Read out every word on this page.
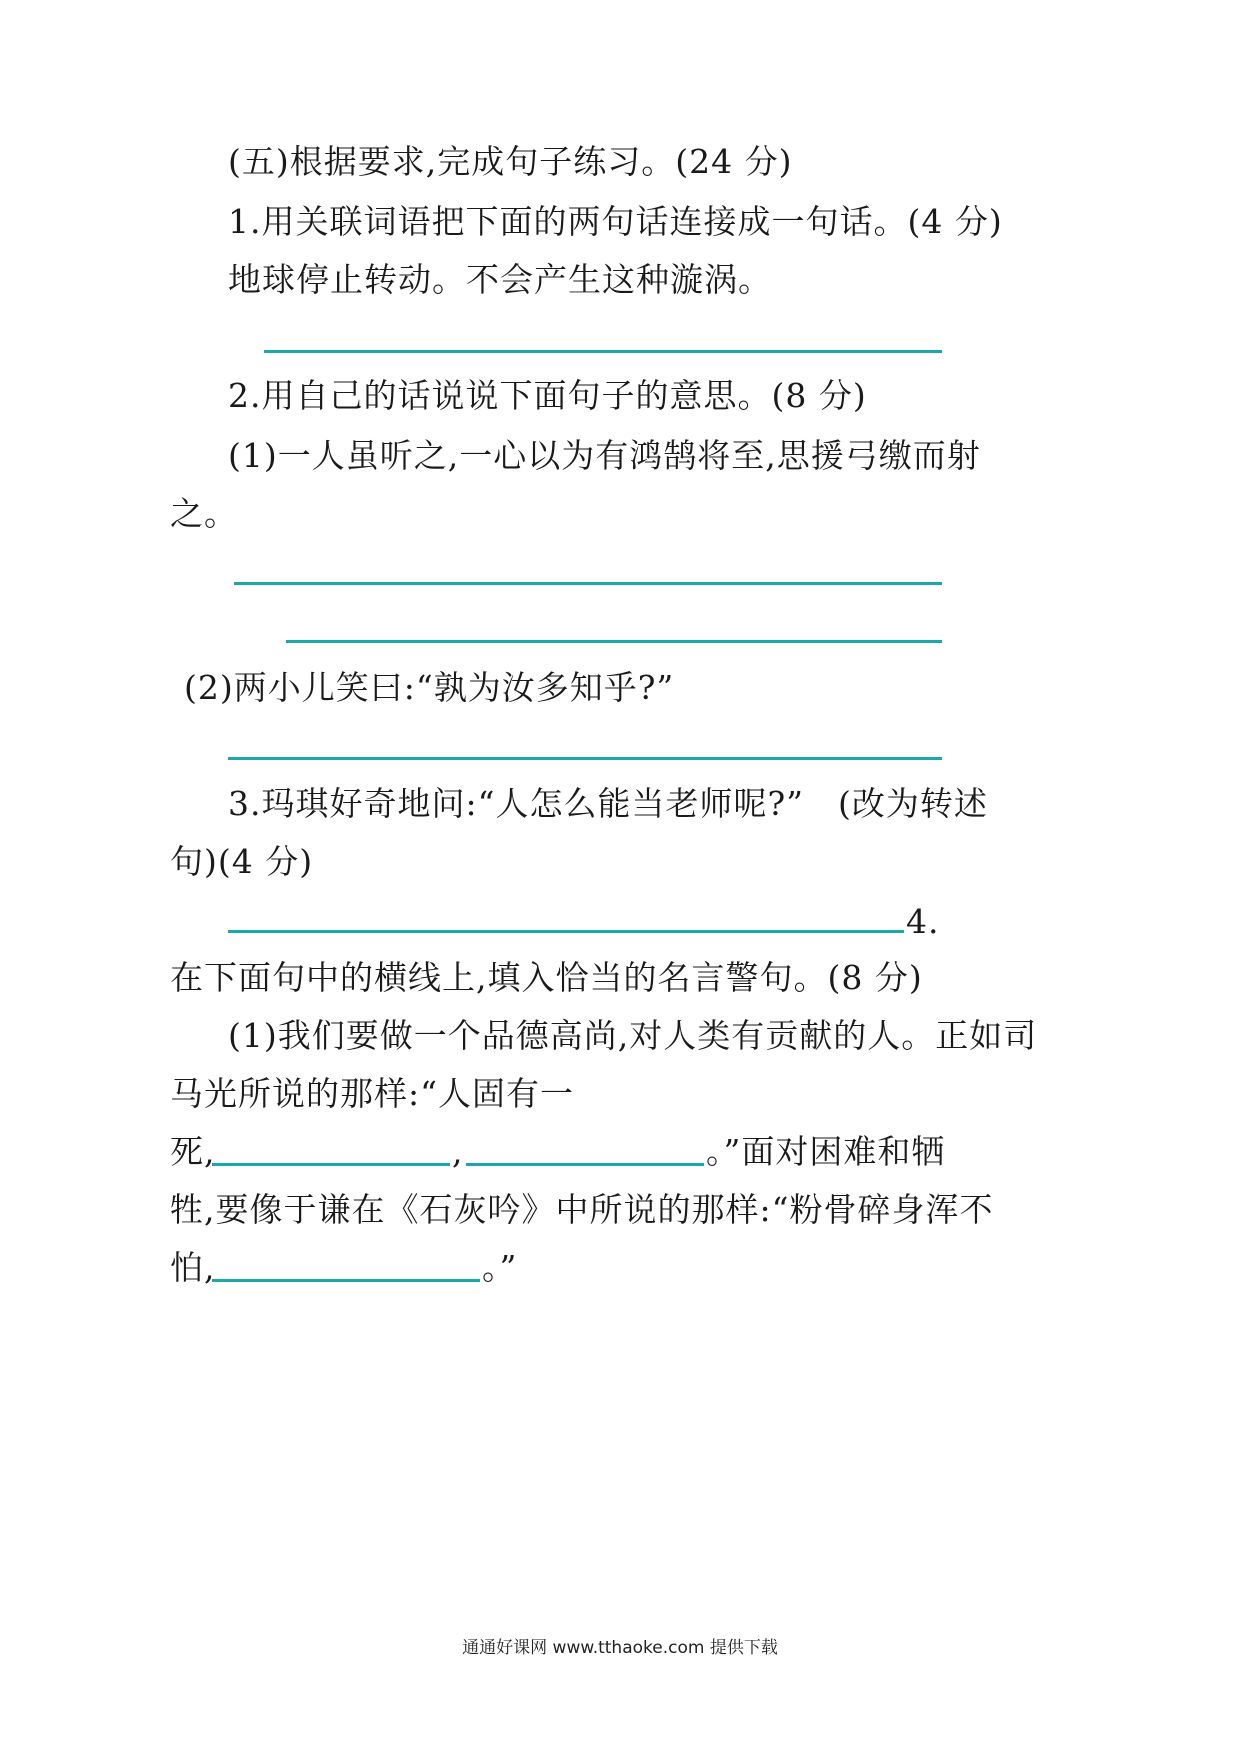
(五)根据要求,完成句子练习。(24 分)
1.用关联词语把下面的两句话连接成一句话。(4 分)
地球停止转动。 不会产生这种漩涡。
2.用自己的话说说下面句子的意思。(8 分)
(1)一人虽听之,一心以为有鸿鹄将至,思援弓缴而射
之。
(2)两小儿笑曰:“孰为汝多知乎?”
3.玛琪好奇地问:“人怎么能当老师呢?”　(改为转述
句)(4 分)
4.
在下面句中的横线上,填入恰当的名言警句。(8 分)
(1)我们要做一个品德高尚,对人类有贡献的人。正如司
马光所说的那样:“人固有一
死,	,	。”面对困难和牺
牲,要像于谦在《石灰吟》中所说的那样:“粉骨碎身浑不
怕,	。”
通通好课网 www.tthaoke.com 提供下载
